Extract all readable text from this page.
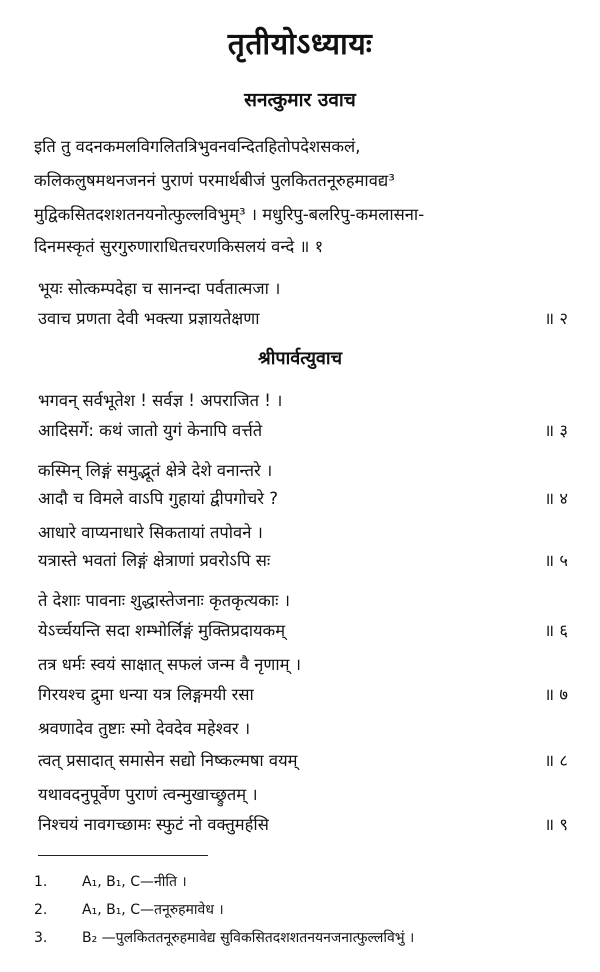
तृतीयोऽध्यायः
सनत्कुमार उवाच
इति तु वदनकमलविगलितत्रिभुवनवन्दितहितोपदेशसकलं,
कलिकलुषमथनजननं पुराणं परमार्थबीजं पुलकिततनूरुहमावद्य³
मुद्विकसितदशशतनयनोत्फुल्लविभुम्³ । मधुरिपु-बलरिपु-कमलासना-
दिनमस्कृतं सुरगुरुणाराधितचरणकिसलयं वन्दे ॥ १
भूयः सोत्कम्पदेहा च सानन्दा पर्वतात्मजा ।
उवाच प्रणता देवी भक्त्या प्रज्ञायतेक्षणा	॥ २
श्रीपार्वत्युवाच
भगवन् सर्वभूतेश ! सर्वज्ञ ! अपराजित ! ।
आदिसर्गे: कथं जातो युगं केनापि वर्त्तते	॥ ३
कस्मिन् लिङ्गं समुद्भूतं क्षेत्रे देशे वनान्तरे ।
आदौ च विमले वाऽपि गुहायां द्वीपगोचरे ?	॥ ४
आधारे वाप्यनाधारे सिकतायां तपोवने ।
यत्रास्ते भवतां लिङ्गं क्षेत्राणां प्रवरोऽपि सः	॥ ५
ते देशाः पावनाः शुद्धास्तेजनाः कृतकृत्यकाः ।
येऽर्च्चयन्ति सदा शम्भोर्लिङ्गं मुक्तिप्रदायकम्	॥ ६
तत्र धर्मः स्वयं साक्षात् सफलं जन्म वै नृणाम् ।
गिरयश्च द्रुमा धन्या यत्र लिङ्गमयी रसा	॥ ७
श्रवणादेव तुष्टाः स्मो देवदेव महेश्वर ।
त्वत् प्रसादात् समासेन सद्यो निष्कल्मषा वयम्	॥ ८
यथावदनुपूर्वेण पुराणं त्वन्मुखाच्छ्रुतम् ।
निश्चयं नावगच्छामः स्फुटं नो वक्तुमर्हसि	॥ ९
1. A₁, B₁, C—नीति ।
2. A₁, B₁, C—तनूरुहमावेध ।
3. B₂ —पुलकिततनूरुहमावेद्य सुविकसितदशशतनयनजनात्फुल्लविभुं ।
